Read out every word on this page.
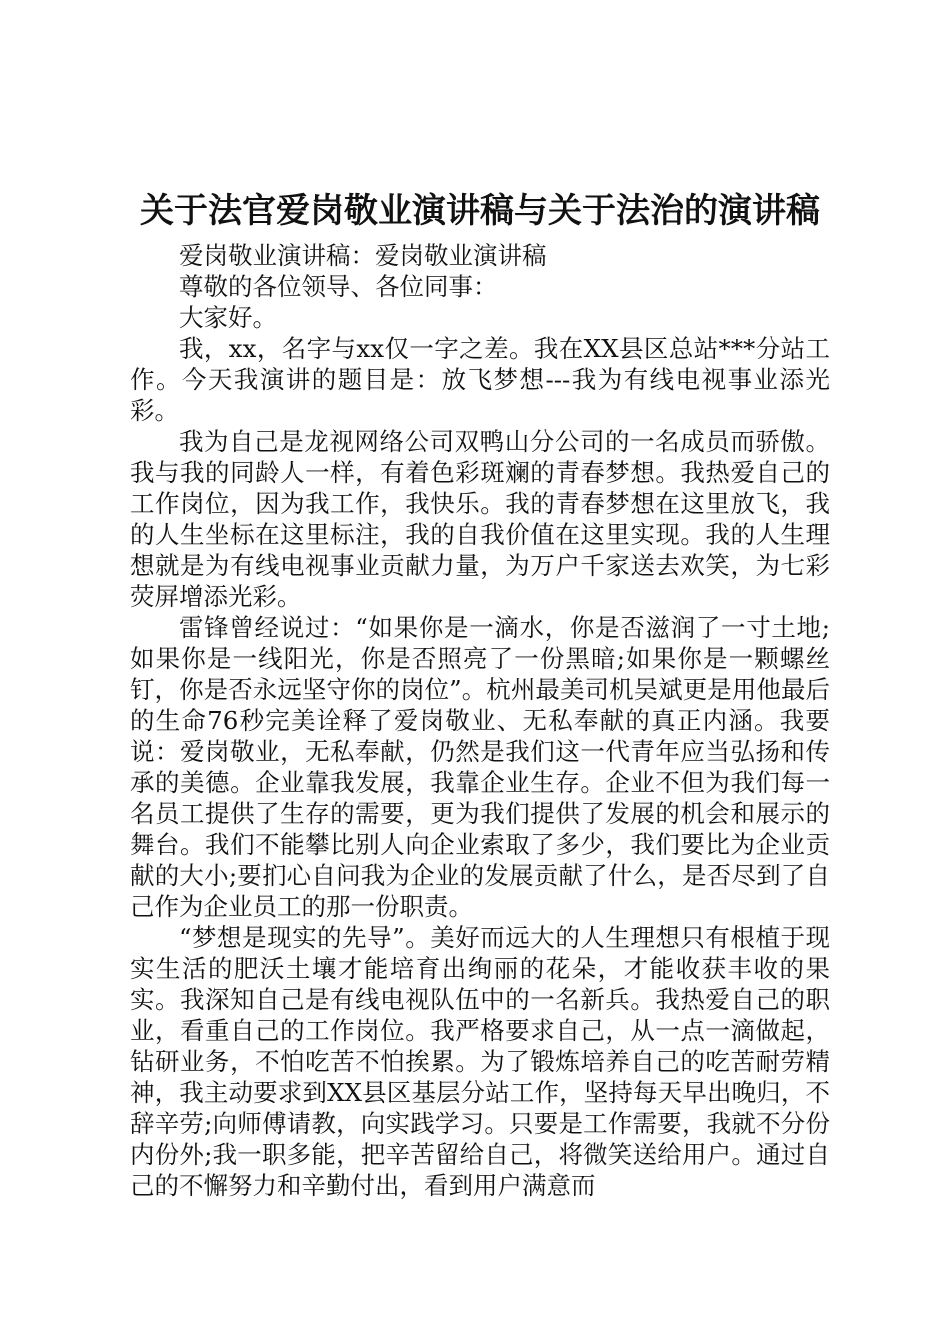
关于法官爱岗敬业演讲稿与关于法治的演讲稿

爱岗敬业演讲稿：爱岗敬业演讲稿

尊敬的各位领导、各位同事：

大家好。

我，xx，名字与xx仅一字之差。我在XX县区总站***分站工作。今天我演讲的题目是：放飞梦想---我为有线电视事业添光彩。

我为自己是龙视网络公司双鸭山分公司的一名成员而骄傲。我与我的同龄人一样，有着色彩斑斓的青春梦想。我热爱自己的工作岗位，因为我工作，我快乐。我的青春梦想在这里放飞，我的人生坐标在这里标注，我的自我价值在这里实现。我的人生理想就是为有线电视事业贡献力量，为万户千家送去欢笑，为七彩荧屏增添光彩。

雷锋曾经说过：“如果你是一滴水，你是否滋润了一寸土地;如果你是一线阳光，你是否照亮了一份黑暗;如果你是一颗螺丝钉，你是否永远坚守你的岗位”。杭州最美司机吴斌更是用他最后的生命76秒完美诠释了爱岗敬业、无私奉献的真正内涵。我要说：爱岗敬业，无私奉献，仍然是我们这一代青年应当弘扬和传承的美德。企业靠我发展，我靠企业生存。企业不但为我们每一名员工提供了生存的需要，更为我们提供了发展的机会和展示的舞台。我们不能攀比别人向企业索取了多少，我们要比为企业贡献的大小;要扪心自问我为企业的发展贡献了什么，是否尽到了自己作为企业员工的那一份职责。

“梦想是现实的先导”。美好而远大的人生理想只有根植于现实生活的肥沃土壤才能培育出绚丽的花朵，才能收获丰收的果实。我深知自己是有线电视队伍中的一名新兵。我热爱自己的职业，看重自己的工作岗位。我严格要求自己，从一点一滴做起，钻研业务，不怕吃苦不怕挨累。为了锻炼培养自己的吃苦耐劳精神，我主动要求到XX县区基层分站工作，坚持每天早出晚归，不辞辛劳;向师傅请教，向实践学习。只要是工作需要，我就不分份内份外;我一职多能，把辛苦留给自己，将微笑送给用户。通过自己的不懈努力和辛勤付出，看到用户满意而
